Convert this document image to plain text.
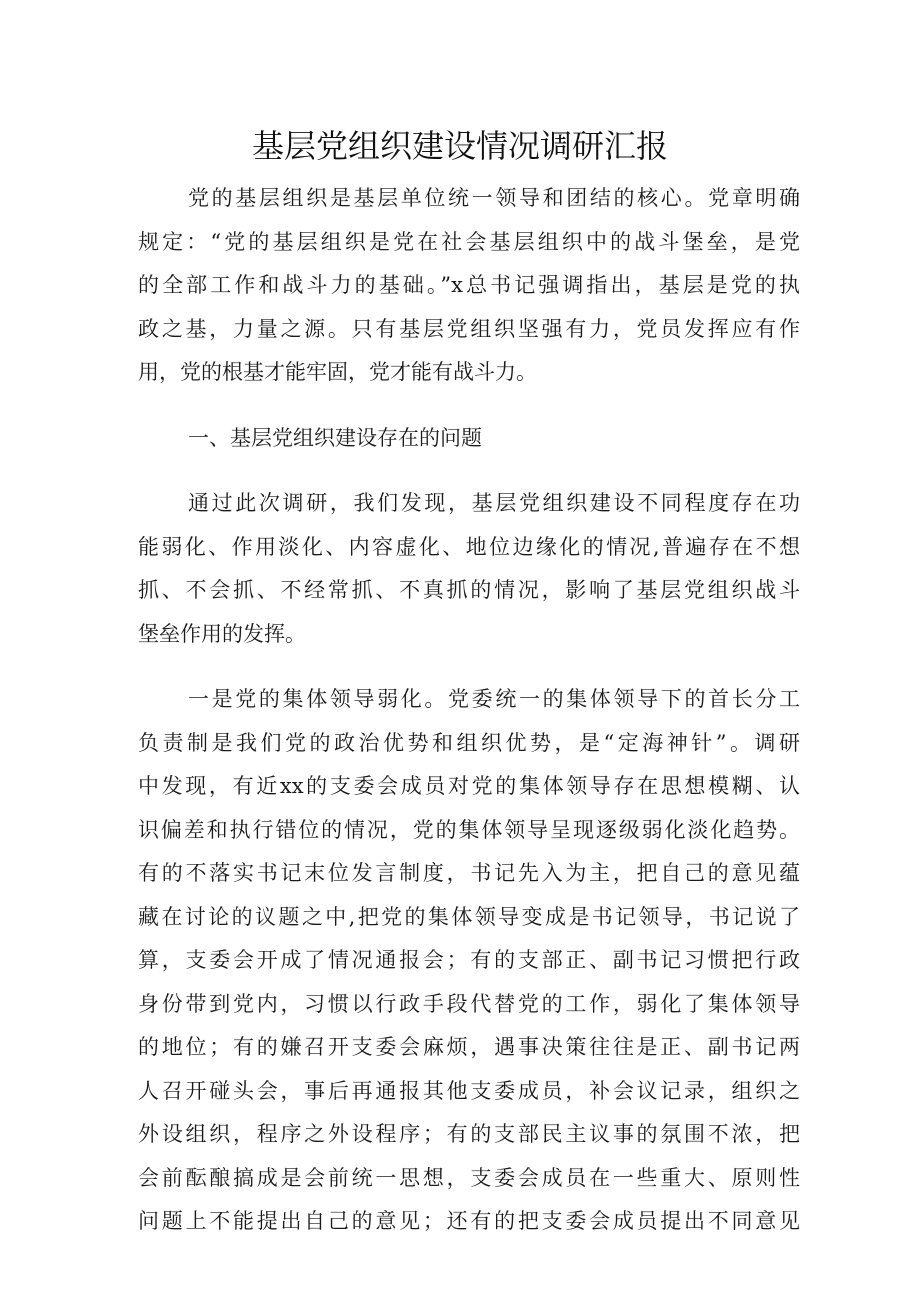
基层党组织建设情况调研汇报
党的基层组织是基层单位统一领导和团结的核心。党章明确
规定：“党的基层组织是党在社会基层组织中的战斗堡垒，是党
的全部工作和战斗力的基础。”x总书记强调指出，基层是党的执
政之基，力量之源。只有基层党组织坚强有力，党员发挥应有作
用，党的根基才能牢固，党才能有战斗力。
一、基层党组织建设存在的问题
通过此次调研，我们发现，基层党组织建设不同程度存在功
能弱化、作用淡化、内容虚化、地位边缘化的情况,普遍存在不想
抓、不会抓、不经常抓、不真抓的情况，影响了基层党组织战斗
堡垒作用的发挥。
一是党的集体领导弱化。党委统一的集体领导下的首长分工
负责制是我们党的政治优势和组织优势，是“定海神针”。调研
中发现，有近xx的支委会成员对党的集体领导存在思想模糊、认
识偏差和执行错位的情况，党的集体领导呈现逐级弱化淡化趋势。
有的不落实书记末位发言制度，书记先入为主，把自己的意见蕴
藏在讨论的议题之中,把党的集体领导变成是书记领导，书记说了
算，支委会开成了情况通报会；有的支部正、副书记习惯把行政
身份带到党内，习惯以行政手段代替党的工作，弱化了集体领导
的地位；有的嫌召开支委会麻烦，遇事决策往往是正、副书记两
人召开碰头会，事后再通报其他支委成员，补会议记录，组织之
外设组织，程序之外设程序；有的支部民主议事的氛围不浓，把
会前酝酿搞成是会前统一思想，支委会成员在一些重大、原则性
问题上不能提出自己的意见；还有的把支委会成员提出不同意见
